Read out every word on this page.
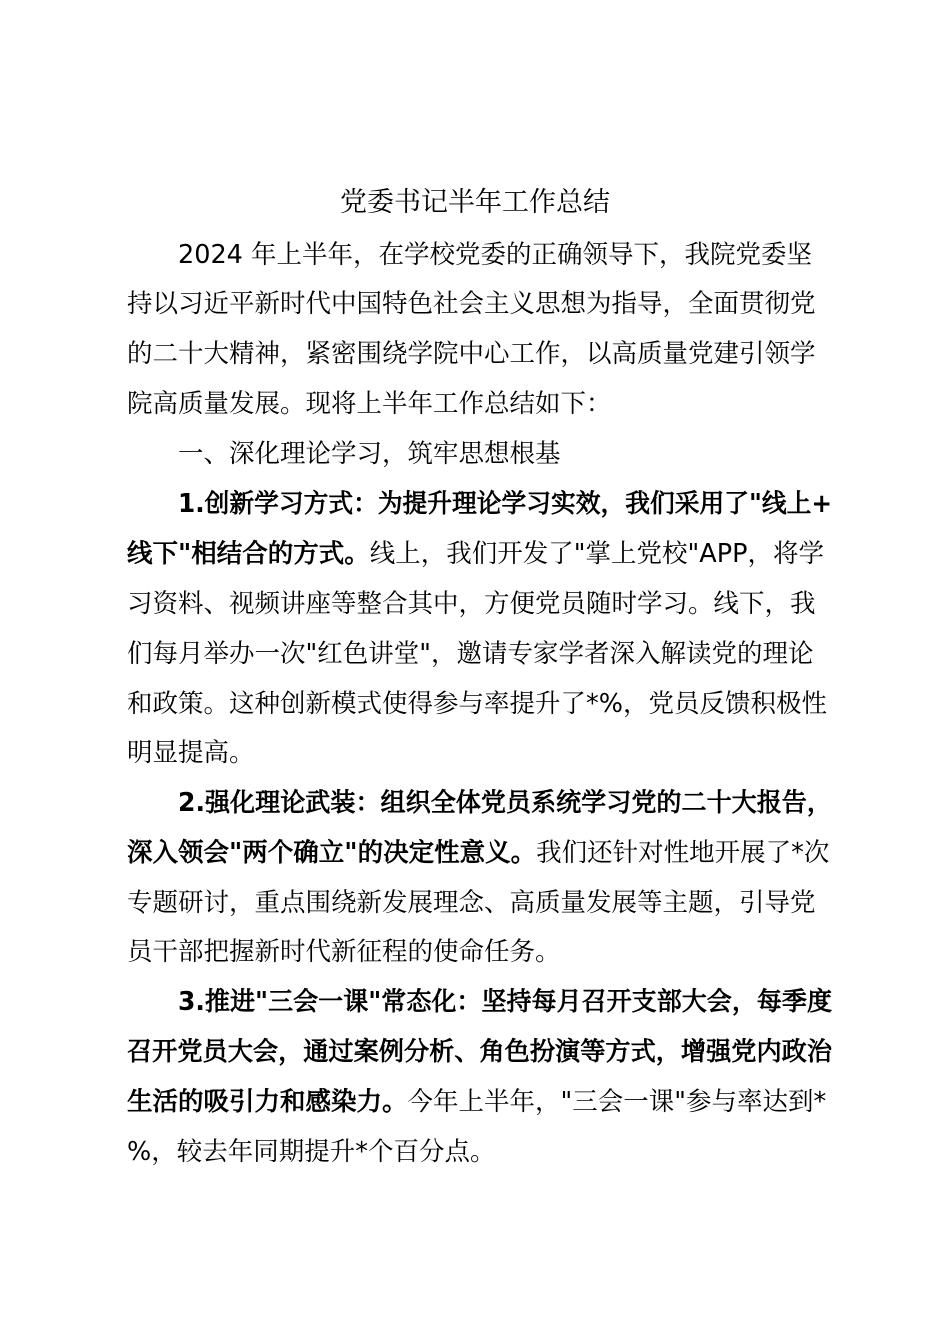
党委书记半年工作总结
2024 年上半年，在学校党委的正确领导下，我院党委坚
持以习近平新时代中国特色社会主义思想为指导，全面贯彻党
的二十大精神，紧密围绕学院中心工作，以高质量党建引领学
院高质量发展。现将上半年工作总结如下：
一、深化理论学习，筑牢思想根基
1.创新学习方式：为提升理论学习实效，我们采用了"线上+
线下"相结合的方式。线上，我们开发了"掌上党校"APP，将学
习资料、视频讲座等整合其中，方便党员随时学习。线下，我
们每月举办一次"红色讲堂"，邀请专家学者深入解读党的理论
和政策。这种创新模式使得参与率提升了*%，党员反馈积极性
明显提高。
2.强化理论武装：组织全体党员系统学习党的二十大报告，
深入领会"两个确立"的决定性意义。我们还针对性地开展了*次
专题研讨，重点围绕新发展理念、高质量发展等主题，引导党
员干部把握新时代新征程的使命任务。
3.推进"三会一课"常态化：坚持每月召开支部大会，每季度
召开党员大会，通过案例分析、角色扮演等方式，增强党内政治
生活的吸引力和感染力。今年上半年，"三会一课"参与率达到*
%，较去年同期提升*个百分点。
